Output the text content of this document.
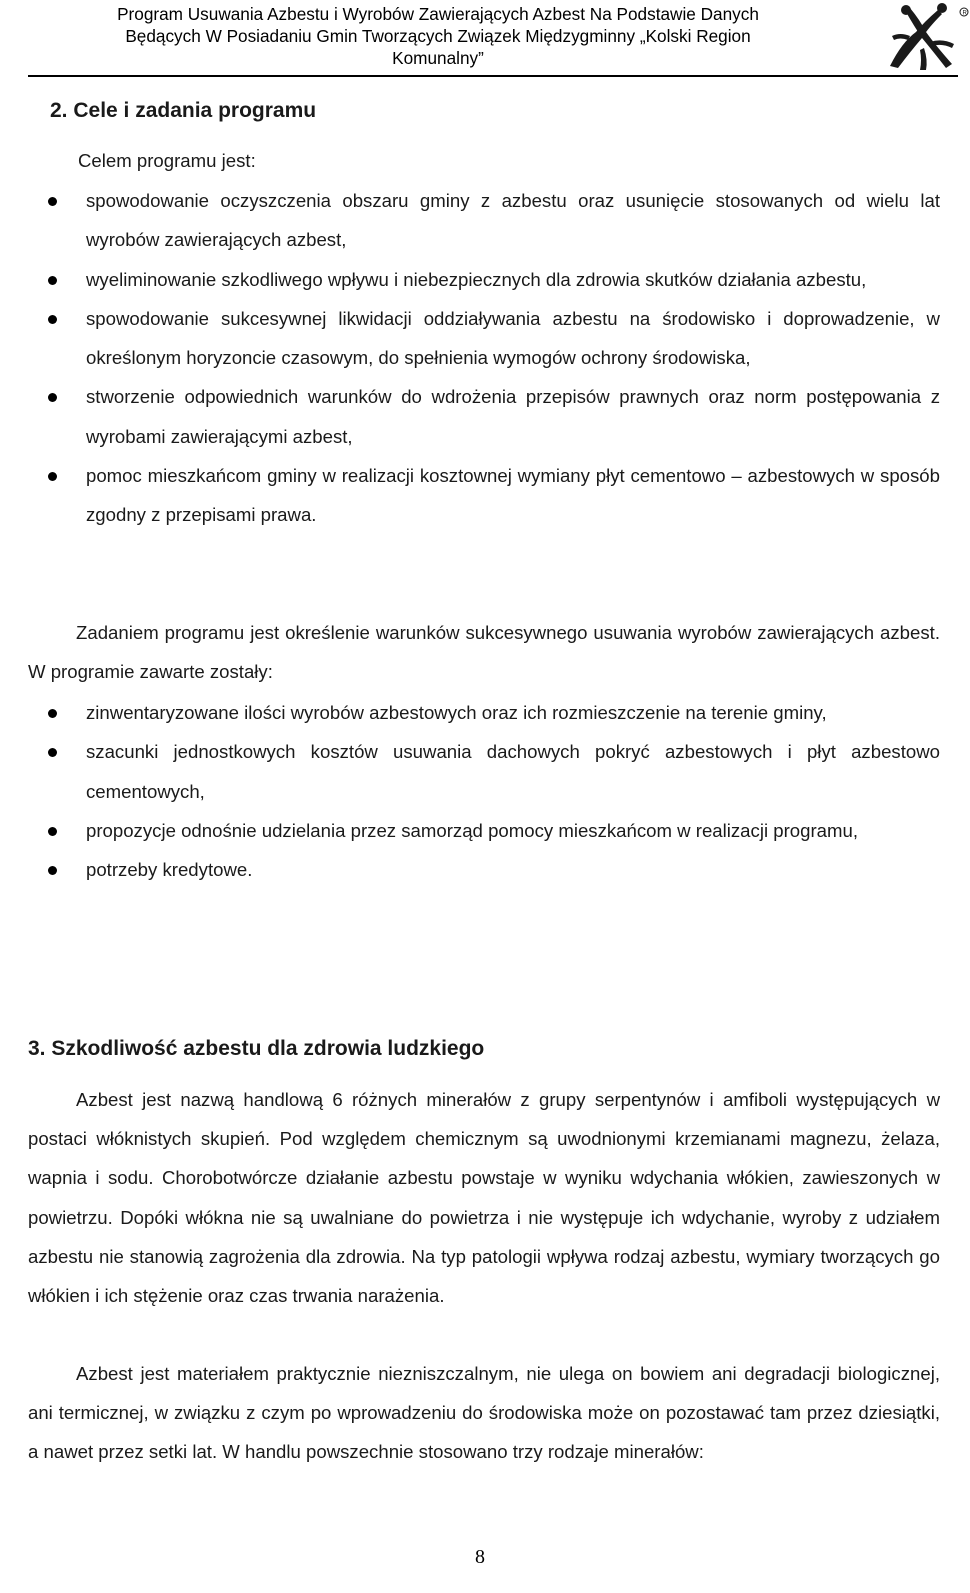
Program Usuwania Azbestu i Wyrobów Zawierających Azbest Na Podstawie Danych
Będących W Posiadaniu Gmin Tworzących Związek Międzygminny „Kolski Region
Komunalny”
R
2. Cele i zadania programu
Celem programu jest:
spowodowanie oczyszczenia obszaru gminy z azbestu oraz usunięcie stosowanych od wielu lat wyrobów zawierających azbest,
wyeliminowanie szkodliwego wpływu i niebezpiecznych dla zdrowia skutków działania azbestu,
spowodowanie sukcesywnej likwidacji oddziaływania azbestu na środowisko i doprowadzenie, w określonym horyzoncie czasowym, do spełnienia wymogów ochrony środowiska,
stworzenie odpowiednich warunków do wdrożenia przepisów prawnych oraz norm postępowania z wyrobami zawierającymi azbest,
pomoc mieszkańcom gminy w realizacji kosztownej wymiany płyt cementowo – azbestowych w sposób zgodny z przepisami prawa.

Zadaniem programu jest określenie warunków sukcesywnego usuwania wyrobów zawierających azbest. W programie zawarte zostały:

zinwentaryzowane ilości wyrobów azbestowych oraz ich rozmieszczenie na terenie gminy,
szacunki jednostkowych kosztów usuwania dachowych pokryć azbestowych i płyt azbestowo cementowych,
propozycje odnośnie udzielania przez samorząd pomocy mieszkańcom w realizacji programu,
potrzeby kredytowe.
3. Szkodliwość azbestu dla zdrowia ludzkiego

Azbest jest nazwą handlową 6 różnych minerałów z grupy serpentynów i amfiboli występujących w postaci włóknistych skupień. Pod względem chemicznym są uwodnionymi krzemianami magnezu, żelaza, wapnia i sodu. Chorobotwórcze działanie azbestu powstaje w wyniku wdychania włókien, zawieszonych w powietrzu. Dopóki włókna nie są uwalniane do powietrza i nie występuje ich wdychanie, wyroby z udziałem azbestu nie stanowią zagrożenia dla zdrowia. Na typ patologii wpływa rodzaj azbestu, wymiary tworzących go włókien i ich stężenie oraz czas trwania narażenia.

Azbest jest materiałem praktycznie niezniszczalnym, nie ulega on bowiem ani degradacji biologicznej, ani termicznej, w związku z czym po wprowadzeniu do środowiska może on pozostawać tam przez dziesiątki, a nawet przez setki lat. W handlu powszechnie stosowano trzy rodzaje minerałów:

8
